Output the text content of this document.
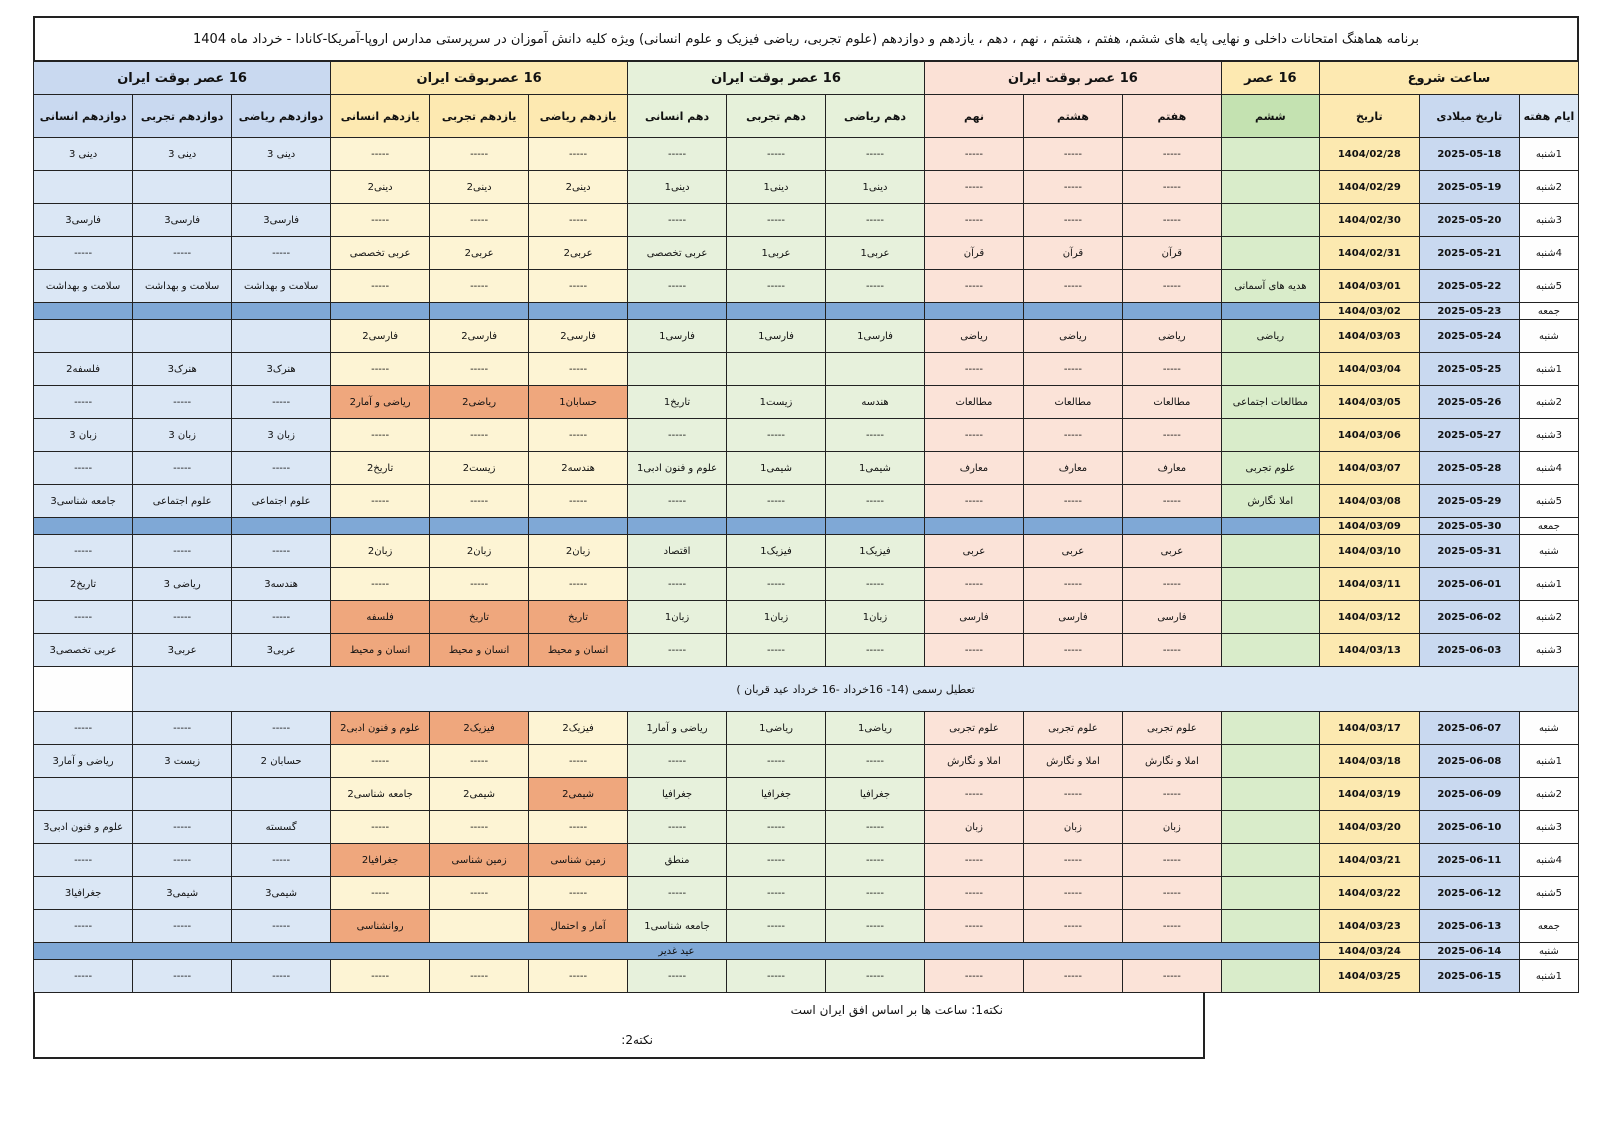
برنامه هماهنگ امتحانات داخلی و نهایی پایه های ششم، هفتم ، هشتم ، نهم ، دهم ، یازدهم و دوازدهم (علوم تجربی، ریاضی فیزیک و علوم انسانی) ویژه کلیه دانش آموزان در سرپرستی مدارس اروپا-آمریکا-کانادا - خرداد ماه 1404
ساعت شروع			16 عصر	16 عصر بوقت ایران			16 عصر بوقت ایران			16 عصربوقت ایران			16 عصر بوقت ایران		
ایام هفته	تاریخ میلادی	تاریخ	ششم	هفتم	هشتم	نهم	دهم ریاضی	دهم تجربی	دهم انسانی	یازدهم ریاضی	یازدهم تجربی	یازدهم انسانی	دوازدهم ریاضی	دوازدهم تجربی	دوازدهم انسانی
1شنبه	2025-05-18	1404/02/28		-----	-----	-----	-----	-----	-----	-----	-----	-----	دینی 3	دینی 3	دینی 3
2شنبه	2025-05-19	1404/02/29		-----	-----	-----	دینی1	دینی1	دینی1	دینی2	دینی2	دینی2			
3شنبه	2025-05-20	1404/02/30		-----	-----	-----	-----	-----	-----	-----	-----	-----	فارسی3	فارسی3	فارسی3
4شنبه	2025-05-21	1404/02/31		قرآن	قرآن	قرآن	عربی1	عربی1	عربی تخصصی	عربی2	عربی2	عربی تخصصی	-----	-----	-----
5شنبه	2025-05-22	1404/03/01	هدیه های آسمانی	-----	-----	-----	-----	-----	-----	-----	-----	-----	سلامت و بهداشت	سلامت و بهداشت	سلامت و بهداشت
جمعه	2025-05-23	1404/03/02													
شنبه	2025-05-24	1404/03/03	ریاضی	ریاضی	ریاضی	ریاضی	فارسی1	فارسی1	فارسی1	فارسی2	فارسی2	فارسی2			
1شنبه	2025-05-25	1404/03/04		-----	-----	-----				-----	-----	-----	هنرک3	هنرک3	فلسفه2
2شنبه	2025-05-26	1404/03/05	مطالعات اجتماعی	مطالعات	مطالعات	مطالعات	هندسه	زیست1	تاریخ1	حسابان1	ریاضی2	ریاضی و آمار2	-----	-----	-----
3شنبه	2025-05-27	1404/03/06		-----	-----	-----	-----	-----	-----	-----	-----	-----	زبان 3	زبان 3	زبان 3
4شنبه	2025-05-28	1404/03/07	علوم تجربی	معارف	معارف	معارف	شیمی1	شیمی1	علوم و فنون ادبی1	هندسه2	زیست2	تاریخ2	-----	-----	-----
5شنبه	2025-05-29	1404/03/08	املا نگارش	-----	-----	-----	-----	-----	-----	-----	-----	-----	علوم اجتماعی	علوم اجتماعی	جامعه شناسی3
جمعه	2025-05-30	1404/03/09													
شنبه	2025-05-31	1404/03/10		عربی	عربی	عربی	فیزیک1	فیزیک1	اقتصاد	زبان2	زبان2	زبان2	-----	-----	-----
1شنبه	2025-06-01	1404/03/11		-----	-----	-----	-----	-----	-----	-----	-----	-----	هندسه3	ریاضی 3	تاریخ2
2شنبه	2025-06-02	1404/03/12		فارسی	فارسی	فارسی	زبان1	زبان1	زبان1	تاریخ	تاریخ	فلسفه	-----	-----	-----
3شنبه	2025-06-03	1404/03/13		-----	-----	-----	-----	-----	-----	انسان و محیط	انسان و محیط	انسان و محیط	عربی3	عربی3	عربی تخصصی3
تعطیل رسمی (14- 16خرداد -16 خرداد عید قربان )															
شنبه	2025-06-07	1404/03/17		علوم تجربی	علوم تجربی	علوم تجربی	ریاضی1	ریاضی1	ریاضی و آمار1	فیزیک2	فیزیک2	علوم و فنون ادبی2	-----	-----	-----
1شنبه	2025-06-08	1404/03/18		املا و نگارش	املا و نگارش	املا و نگارش	-----	-----	-----	-----	-----	-----	حسابان 2	زیست 3	ریاضی و آمار3
2شنبه	2025-06-09	1404/03/19		-----	-----	-----	جغرافیا	جغرافیا	جغرافیا	شیمی2	شیمی2	جامعه شناسی2			
3شنبه	2025-06-10	1404/03/20		زبان	زبان	زبان	-----	-----	-----	-----	-----	-----	گسسته	-----	علوم و فنون ادبی3
4شنبه	2025-06-11	1404/03/21		-----	-----	-----	-----	-----	منطق	زمین شناسی	زمین شناسی	جغرافیا2	-----	-----	-----
5شنبه	2025-06-12	1404/03/22		-----	-----	-----	-----	-----	-----	-----	-----	-----	شیمی3	شیمی3	جغرافیا3
جمعه	2025-06-13	1404/03/23		-----	-----	-----	-----	-----	جامعه شناسی1	آمار و احتمال		روانشناسی	-----	-----	-----
شنبه	2025-06-14	1404/03/24	عید غدیر												
1شنبه	2025-06-15	1404/03/25		-----	-----	-----	-----	-----	-----	-----	-----	-----	-----	-----	-----
نکته1: ساعت ها بر اساس افق ایران است
نکته2:
